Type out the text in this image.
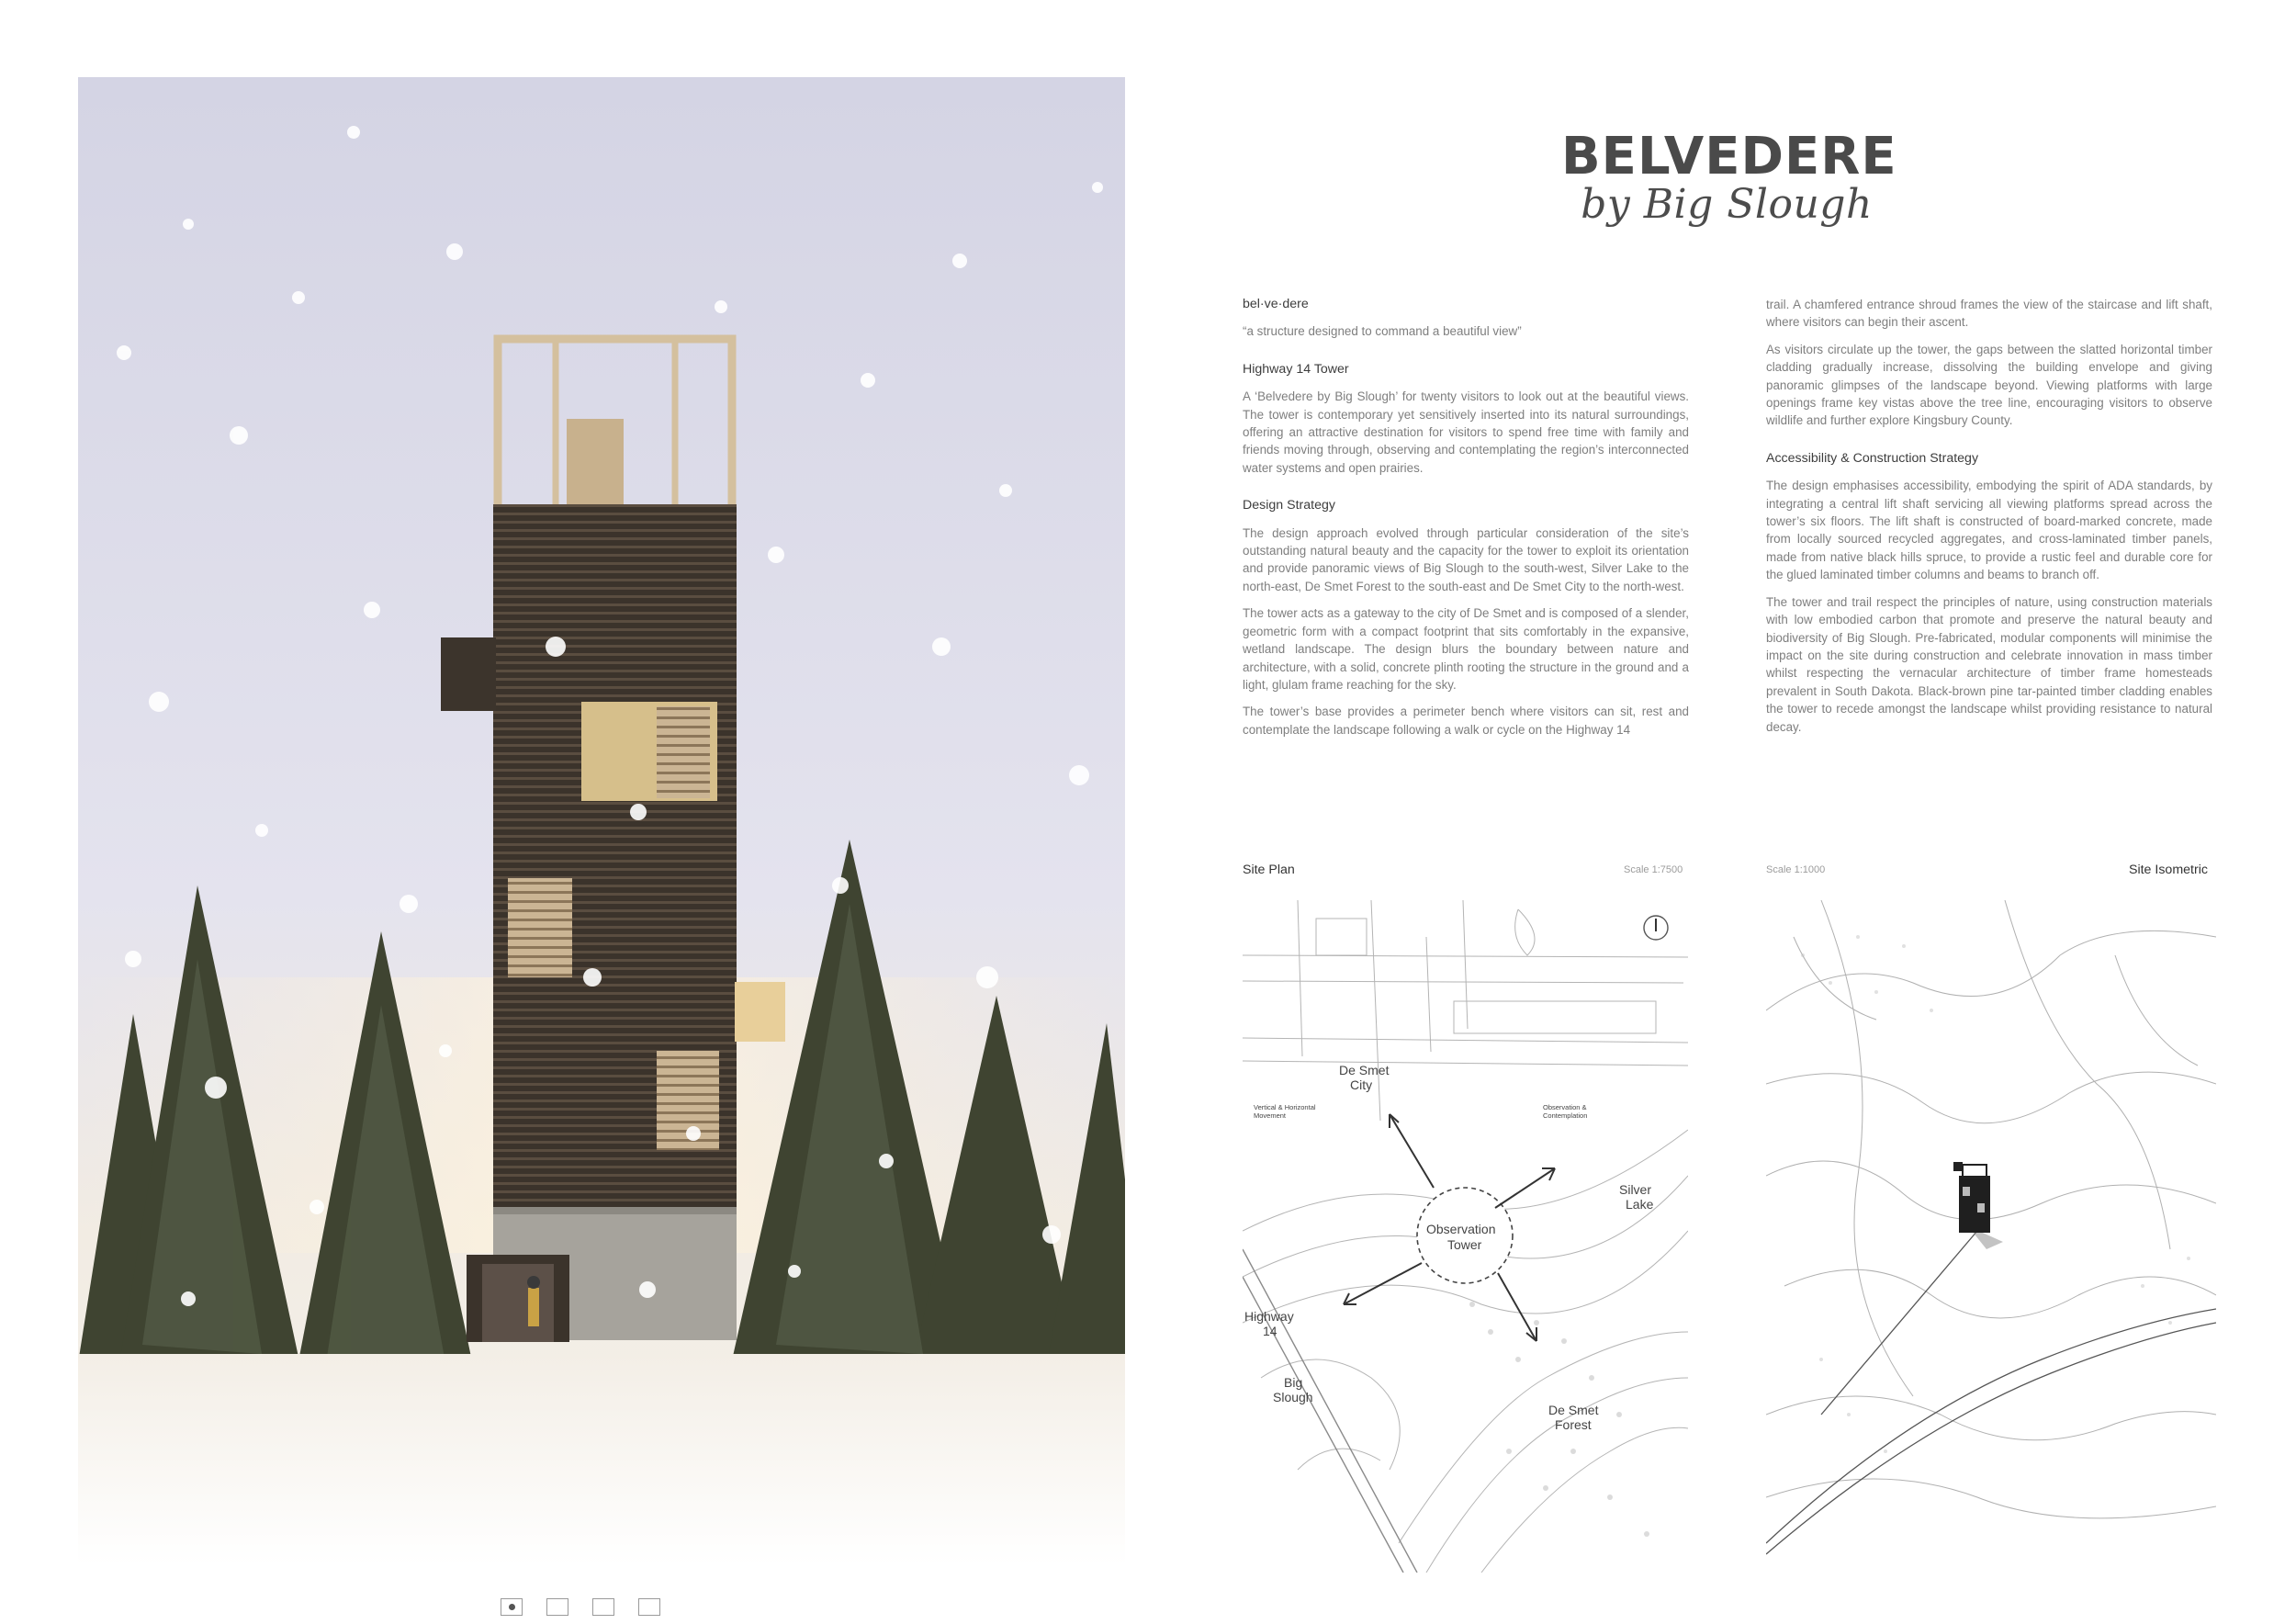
BELVEDERE
by Big Slough
bel·ve·dere

“a structure designed to command a beautiful view”

Highway 14 Tower

A ‘Belvedere by Big Slough’ for twenty visitors to look out at the beautiful views. The tower is contemporary yet sensitively inserted into its natural surroundings, offering an attractive destination for visitors to spend free time with family and friends moving through, observing and contemplating the region’s interconnected water systems and open prairies.

Design Strategy

The design approach evolved through particular consideration of the site’s outstanding natural beauty and the capacity for the tower to exploit its orientation and provide panoramic views of Big Slough to the south-west, Silver Lake to the north-east, De Smet Forest to the south-east and De Smet City to the north-west.

The tower acts as a gateway to the city of De Smet and is composed of a slender, geometric form with a compact footprint that sits comfortably in the expansive, wetland landscape. The design blurs the boundary between nature and architecture, with a solid, concrete plinth rooting the structure in the ground and a light, glulam frame reaching for the sky.

The tower’s base provides a perimeter bench where visitors can sit, rest and contemplate the landscape following a walk or cycle on the Highway 14

trail. A chamfered entrance shroud frames the view of the staircase and lift shaft, where visitors can begin their ascent.

As visitors circulate up the tower, the gaps between the slatted horizontal timber cladding gradually increase, dissolving the building envelope and giving panoramic glimpses of the landscape beyond. Viewing platforms with large openings frame key vistas above the tree line, encouraging visitors to observe wildlife and further explore Kingsbury County.

Accessibility & Construction Strategy

The design emphasises accessibility, embodying the spirit of ADA standards, by integrating a central lift shaft servicing all viewing platforms spread across the tower’s six floors. The lift shaft is constructed of board-marked concrete, made from locally sourced recycled aggregates, and cross-laminated timber panels, made from native black hills spruce, to provide a rustic feel and durable core for the glued laminated timber columns and beams to branch off.

The tower and trail respect the principles of nature, using construction materials with low embodied carbon that promote and preserve the natural beauty and biodiversity of Big Slough. Pre-fabricated, modular components will minimise the impact on the site during construction and celebrate innovation in mass timber whilst respecting the vernacular architecture of timber frame homesteads prevalent in South Dakota. Black-brown pine tar-painted timber cladding enables the tower to recede amongst the landscape whilst providing resistance to natural decay.

Site Plan	Scale 1:7500	Scale 1:1000	Site Isometric
De Smet
City
Silver
Lake
Observation
Tower
Highway
14
Big
Slough
De Smet
Forest
Vertical & Horizontal
Movement
Observation &
Contemplation
